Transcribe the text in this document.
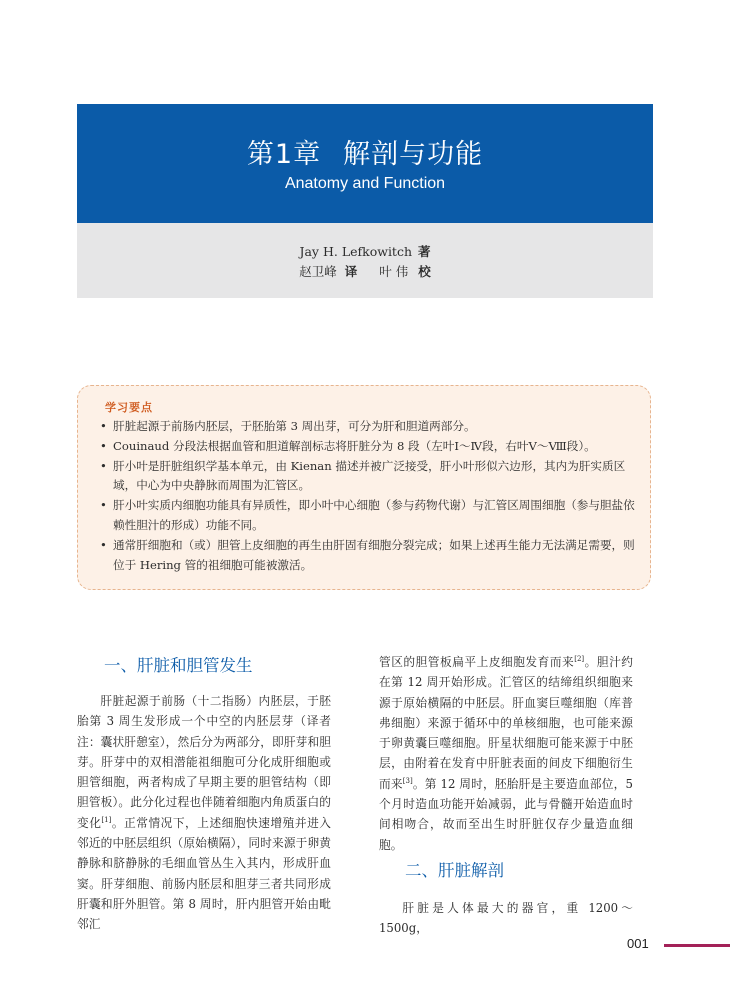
第1章 解剖与功能
Anatomy and Function
Jay H. Lefkowitch 著
赵卫峰 译 叶 伟 校
学习要点
• 肝脏起源于前肠内胚层，于胚胎第 3 周出芽，可分为肝和胆道两部分。
• Couinaud 分段法根据血管和胆道解剖标志将肝脏分为 8 段（左叶Ⅰ～Ⅳ段，右叶Ⅴ～Ⅷ段）。
• 肝小叶是肝脏组织学基本单元，由 Kienan 描述并被广泛接受，肝小叶形似六边形，其内为肝实质区域，中心为中央静脉而周围为汇管区。
• 肝小叶实质内细胞功能具有异质性，即小叶中心细胞（参与药物代谢）与汇管区周围细胞（参与胆盐依赖性胆汁的形成）功能不同。
• 通常肝细胞和（或）胆管上皮细胞的再生由肝固有细胞分裂完成；如果上述再生能力无法满足需要，则位于 Hering 管的祖细胞可能被激活。
一、肝脏和胆管发生

肝脏起源于前肠（十二指肠）内胚层，于胚胎第 3 周生发形成一个中空的内胚层芽（译者注：囊状肝憩室），然后分为两部分，即肝芽和胆芽。肝芽中的双相潜能祖细胞可分化成肝细胞或胆管细胞，两者构成了早期主要的胆管结构（即胆管板）。此分化过程也伴随着细胞内角质蛋白的变化[1]。正常情况下，上述细胞快速增殖并进入邻近的中胚层组织（原始横隔），同时来源于卵黄静脉和脐静脉的毛细血管丛生入其内，形成肝血窦。肝芽细胞、前肠内胚层和胆芽三者共同形成肝囊和肝外胆管。第 8 周时，肝内胆管开始由毗邻汇

管区的胆管板扁平上皮细胞发育而来[2]。胆汁约在第 12 周开始形成。汇管区的结缔组织细胞来源于原始横隔的中胚层。肝血窦巨噬细胞（库普弗细胞）来源于循环中的单核细胞，也可能来源于卵黄囊巨噬细胞。肝星状细胞可能来源于中胚层，由附着在发育中肝脏表面的间皮下细胞衍生而来[3]。第 12 周时，胚胎肝是主要造血部位，5 个月时造血功能开始减弱，此与骨髓开始造血时间相吻合，故而至出生时肝脏仅存少量造血细胞。

二、肝脏解剖

肝脏是人体最大的器官，重 1200～1500g，

001
